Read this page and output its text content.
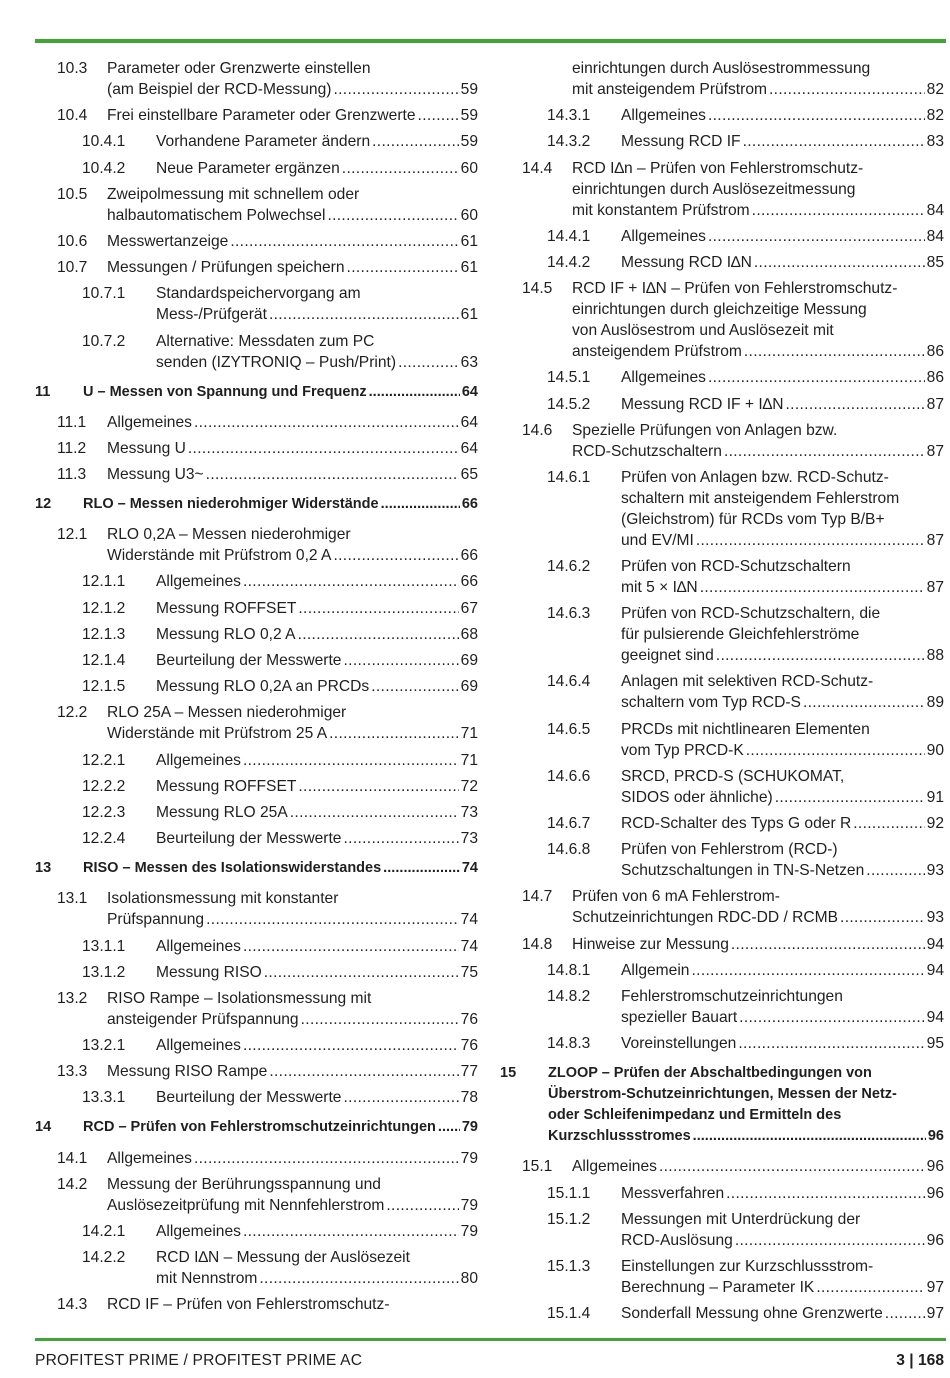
10.3 Parameter oder Grenzwerte einstellen
(am Beispiel der RCD-Messung) . . .	59
10.4 Frei einstellbare Parameter oder Grenzwerte . . .	59
10.4.1 Vorhandene Parameter ändern . . .	59
10.4.2 Neue Parameter ergänzen . . .	60
10.5 Zweipolmessung mit schnellem oder
halbautomatischem Polwechsel . . .	60
10.6 Messwertanzeige . . .	61
10.7 Messungen / Prüfungen speichern . . .	61
10.7.1 Standardspeichervorgang am
Mess-/Prüfgerät . . .	61
10.7.2 Alternative: Messdaten zum PC
senden (IZYTRONIQ – Push/Print) . . .	63
11 U – Messen von Spannung und Frequenz . . .	64
11.1 Allgemeines . . .	64
11.2 Messung U . . .	64
11.3 Messung U3~ . . .	65
12 RLO – Messen niederohmiger Widerstände . . .	66
12.1 RLO 0,2A – Messen niederohmiger
Widerstände mit Prüfstrom 0,2 A . . .	66
12.1.1 Allgemeines . . .	66
12.1.2 Messung ROFFSET . . .	67
12.1.3 Messung RLO 0,2 A . . .	68
12.1.4 Beurteilung der Messwerte . . .	69
12.1.5 Messung RLO 0,2A an PRCDs . . .	69
12.2 RLO 25A – Messen niederohmiger
Widerstände mit Prüfstrom 25 A . . .	71
12.2.1 Allgemeines . . .	71
12.2.2 Messung ROFFSET . . .	72
12.2.3 Messung RLO 25A . . .	73
12.2.4 Beurteilung der Messwerte . . .	73
13 RISO – Messen des Isolationswiderstandes . . .	74
13.1 Isolationsmessung mit konstanter
Prüfspannung . . .	74
13.1.1 Allgemeines . . .	74
13.1.2 Messung RISO . . .	75
13.2 RISO Rampe – Isolationsmessung mit
ansteigender Prüfspannung . . .	76
13.2.1 Allgemeines . . .	76
13.3 Messung RISO Rampe . . .	77
13.3.1 Beurteilung der Messwerte . . .	78
14 RCD – Prüfen von Fehlerstromschutzeinrichtungen . . . 79
14.1 Allgemeines . . .	79
14.2 Messung der Berührungsspannung und
Auslösezeitprüfung mit Nennfehlerstrom . . .	79
14.2.1 Allgemeines . . .	79
14.2.2 RCD I∆N – Messung der Auslösezeit
mit Nennstrom . . .	80
14.3 RCD IF – Prüfen von Fehlerstromschutz-
einrichtungen durch Auslösestrommessung
mit ansteigendem Prüfstrom . . .	82
14.3.1 Allgemeines . . .	82
14.3.2 Messung RCD IF . . .	83
14.4 RCD I∆n – Prüfen von Fehlerstromschutz-
einrichtungen durch Auslösezeitmessung
mit konstantem Prüfstrom . . .	84
14.4.1 Allgemeines . . .	84
14.4.2 Messung RCD I∆N . . .	85
14.5 RCD IF + I∆N – Prüfen von Fehlerstromschutz-
einrichtungen durch gleichzeitige Messung
von Auslösestrom und Auslösezeit mit
ansteigendem Prüfstrom . . .	86
14.5.1 Allgemeines . . .	86
14.5.2 Messung RCD IF + I∆N . . .	87
14.6 Spezielle Prüfungen von Anlagen bzw.
RCD-Schutzschaltern . . .	87
14.6.1 Prüfen von Anlagen bzw. RCD-Schutz-
schaltern mit ansteigendem Fehlerstrom
(Gleichstrom) für RCDs vom Typ B/B+
und EV/MI . . .	87
14.6.2 Prüfen von RCD-Schutzschaltern
mit 5 × I∆N . . .	87
14.6.3 Prüfen von RCD-Schutzschaltern, die
für pulsierende Gleichfehlerströme
geeignet sind . . .	88
14.6.4 Anlagen mit selektiven RCD-Schutz-
schaltern vom Typ RCD-S . . .	89
14.6.5 PRCDs mit nichtlinearen Elementen
vom Typ PRCD-K . . .	90
14.6.6 SRCD, PRCD-S (SCHUKOMAT,
SIDOS oder ähnliche) . . .	91
14.6.7 RCD-Schalter des Typs G oder R . . .	92
14.6.8 Prüfen von Fehlerstrom (RCD-)
Schutzschaltungen in TN-S-Netzen . . .	93
14.7 Prüfen von 6 mA Fehlerstrom-
Schutzeinrichtungen RDC-DD / RCMB . . .	93
14.8 Hinweise zur Messung . . .	94
14.8.1 Allgemein . . .	94
14.8.2 Fehlerstromschutzeinrichtungen
spezieller Bauart . . .	94
14.8.3 Voreinstellungen . . .	95
15 ZLOOP – Prüfen der Abschaltbedingungen von
Überstrom-Schutzeinrichtungen, Messen der Netz-
oder Schleifenimpedanz und Ermitteln des
Kurzschlussstromes . . .	96
15.1 Allgemeines . . .	96
15.1.1 Messverfahren . . .	96
15.1.2 Messungen mit Unterdrückung der
RCD-Auslösung . . .	96
15.1.3 Einstellungen zur Kurzschlussstrom-
Berechnung – Parameter IK . . .	97
15.1.4 Sonderfall Messung ohne Grenzwerte . . .	97
PROFITEST PRIME / PROFITEST PRIME AC	3 | 168
